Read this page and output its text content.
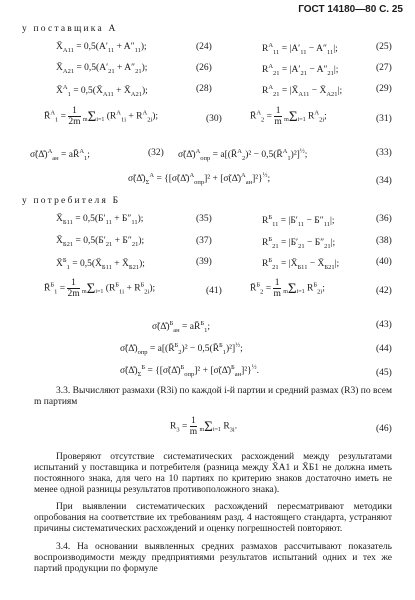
ГОСТ 14180—80 С. 25
у поставщика А
$X̄_{A11} = 0,5(A'_{11} + A''_{11})$;	(24)	$R^A_{11} = |A'_{11} - A''_{11}|$;	(25)
$X̄_{A21} = 0,5(A'_{21} + A''_{21})$;	(26)	$R^A_{21} = |A'_{21} - A''_{21}|$;	(27)
X̄$^A_1$ = $0,5(X̄_{A11}$ + $X̄_{A21}$);	(28)	$R^A_{21}$ = $|X̄_{A11}$ − $X̄_{A21}|$;	(29)
R̄$^A_1$ = $\frac{1}{2m} m\Sigma i=1$ $(R^A_{1i} + R^A_{2i})$;	(30)	R̄$^A_2$ = $\frac{1}{m} m\Sigma i=1$ $R^A_{2i}$;	(31)
σ̃(Δ̊)$^A_{ан}$ = aR̄$^A_1$;	(32) σ̃(Δ̊)$^A_{опр}$ = a[(R̄$^A_2$)² − 0,5(R̄$^A_1$)²]$^{\frac{1}{2}}$;	(33)
$\sigmã(\Deltå)_\Sigma^A$ = {[σ̃(Δ̊)$^A_{опр}$]² + [σ̃(Δ̊)$^A_{ан}$]²}$^{\frac{1}{2}}$;	(34)
у потребителя Б
$X̄_{Б11} = 0,5(Б'_{11} + Б''_{11})$;	(35)	$R^Б_{11} = |Б'_{11} - Б''_{11}|$;	(36)
$X̄_{Б21} = 0,5(Б'_{21} + Б''_{21})$;	(37)	$R^Б_{21} = |Б'_{21} - Б''_{21}|$;	(38)
X̄$^Б_1$ = $0,5(X̄_{Б11}$ + $X̄_{Б21}$);	(39)	$R^Б_{21}$ = $|X̄_{Б11}$ − $X̄_{Б21}|$;	(40)
R̄$^Б_1$ = $\frac{1}{2m} m\Sigma i=1$ $(R^Б_{1i} + R^Б_{2i})$;	(41)	R̄$^Б_2$ = $\frac{1}{m} m\Sigma i=1$ $R^Б_{2i}$;	(42)
σ̃(Δ̊)$^Б_{ан}$ = aR̄$^Б_1$;	(43)
$\sigmã(\Deltå)_{опр}$ = a[(R̄$^Б_2$)² − 0,5(R̄$^Б_1$)²]$^{\frac{1}{2}}$;	(44)
$\sigmã(\Deltå)_\Sigma^Б$ = {[σ̃(Δ̊)$^Б_{опр}$]² + [σ̃(Δ̊)$^Б_{ан}$]²}$^{\frac{1}{2}}$.	(45)
3.3. Вычисляют размахи (R3i) по каждой i-й партии и средний размах (R3) по всем m партиям
$R_3 = \frac{1}{m} m\Sigma i=1$ $R_{3i}$.	(46)
Проверяют отсутствие систематических расхождений между результатами испытаний у поставщика и потребителя (разница между X̄A1 и X̄Б1 не должна иметь постоянного знака, для чего на 10 партиях по критерию знаков достаточно иметь не менее одной разницы результатов противоположного знака).
При выявлении систематических расхождений пересматривают методики опробования на соответствие их требованиям разд. 4 настоящего стандарта, устраняют причины систематических расхождений и оценку погрешностей повторяют.
3.4. На основании выявленных средних размахов рассчитывают показатель воспроизводимости между предприятиями результатов испытаний одних и тех же партий продукции по формуле
